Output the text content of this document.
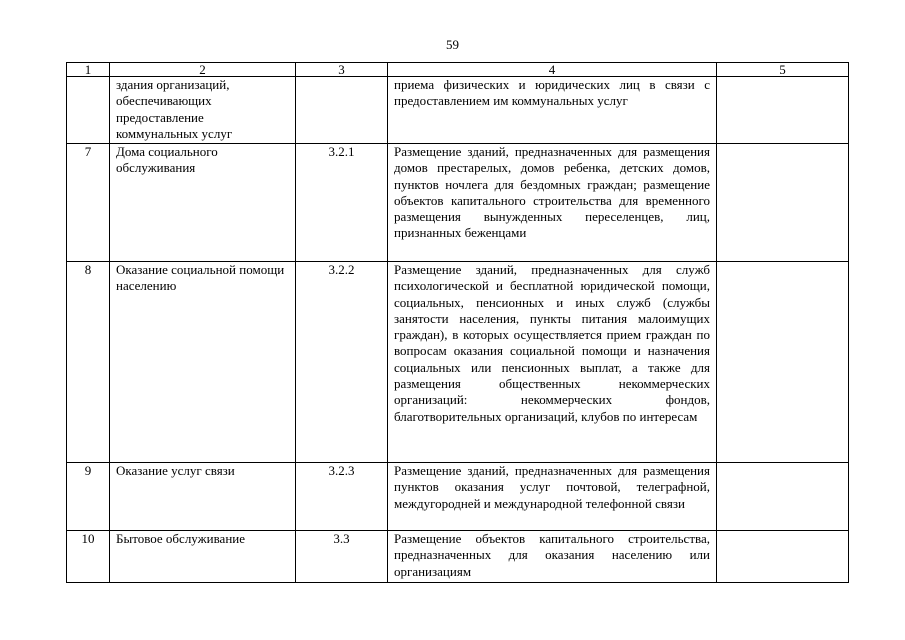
59
1	2	3	4	5
	здания организаций, обеспечивающих предоставление коммунальных услуг		приема физических и юридических лиц в связи с предоставлением им коммунальных услуг	
7	Дома социального обслуживания	3.2.1	Размещение зданий, предназначенных для размещения домов престарелых, домов ребенка, детских домов, пунктов ночлега для бездомных граждан; размещение объектов капитального строительства для временного размещения вынужденных переселенцев, лиц, признанных беженцами	
8	Оказание социальной помощи населению	3.2.2	Размещение зданий, предназначенных для служб психологической и бесплатной юридической помощи, социальных, пенсионных и иных служб (службы занятости населения, пункты питания малоимущих граждан), в которых осуществляется прием граждан по вопросам оказания социальной помощи и назначения социальных или пенсионных выплат, а также для размещения общественных некоммерческих организаций: некоммерческих фондов, благотворительных организаций, клубов по интересам	
9	Оказание услуг связи	3.2.3	Размещение зданий, предназначенных для размещения пунктов оказания услуг почтовой, телеграфной, междугородней и международной телефонной связи	
10	Бытовое обслуживание	3.3	Размещение объектов капитального строительства, предназначенных для оказания населению или организациям	
